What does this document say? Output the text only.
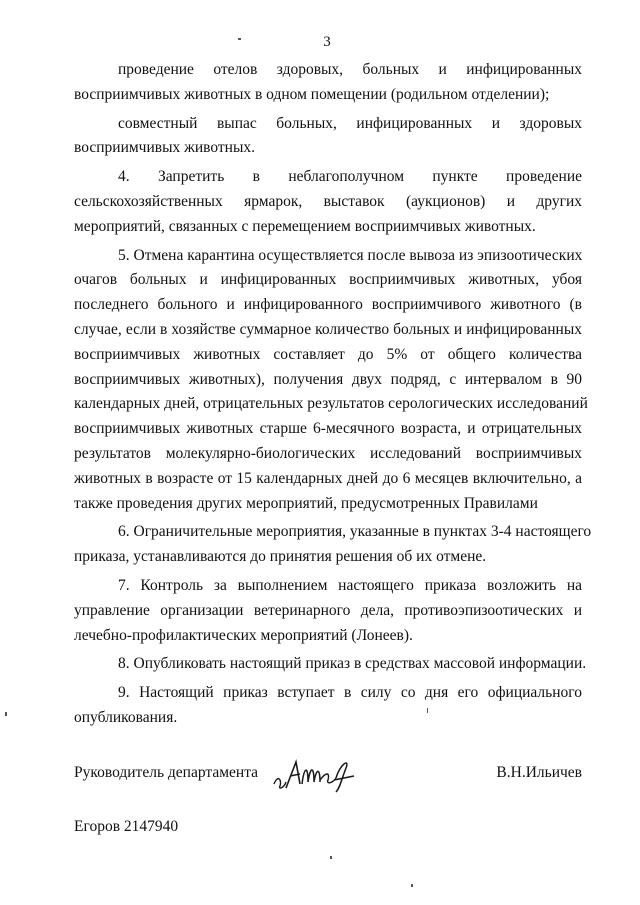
3
проведение отелов здоровых, больных и инфицированных
восприимчивых животных в одном помещении (родильном отделении);
совместный выпас больных, инфицированных и здоровых
восприимчивых животных.
4. Запретить в неблагополучном пункте проведение
сельскохозяйственных ярмарок, выставок (аукционов) и других
мероприятий, связанных с перемещением восприимчивых животных.
5. Отмена карантина осуществляется после вывоза из эпизоотических
очагов больных и инфицированных восприимчивых животных, убоя
последнего больного и инфицированного восприимчивого животного (в
случае, если в хозяйстве суммарное количество больных и инфицированных
восприимчивых животных составляет до 5% от общего количества
восприимчивых животных), получения двух подряд, с интервалом в 90
календарных дней, отрицательных результатов серологических исследований
восприимчивых животных старше 6-месячного возраста, и отрицательных
результатов молекулярно-биологических исследований восприимчивых
животных в возрасте от 15 календарных дней до 6 месяцев включительно, а
также проведения других мероприятий, предусмотренных Правилами
6. Ограничительные мероприятия, указанные в пунктах 3-4 настоящего
приказа, устанавливаются до принятия решения об их отмене.
7. Контроль за выполнением настоящего приказа возложить на
управление организации ветеринарного дела, противоэпизоотических и
лечебно-профилактических мероприятий (Лонеев).
8. Опубликовать настоящий приказ в средствах массовой информации.
9. Настоящий приказ вступает в силу со дня его официального
опубликования.
Руководитель департамента	В.Н.Ильичев
Егоров 2147940
